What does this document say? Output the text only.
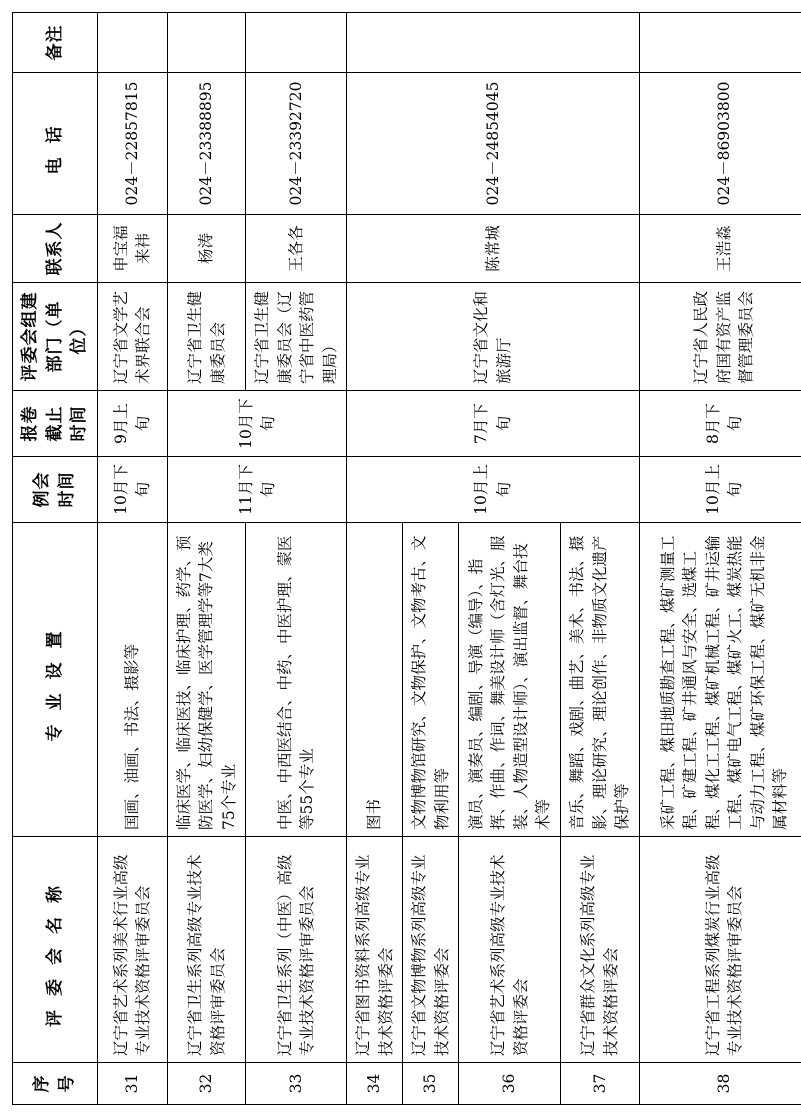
序号	评委会名称	专业设置	例会时间	报卷截止时间	评委会组建部门（单位）	联系人	电话	备注
31	辽宁省艺术系列美术行业高级专业技术资格评审委员会	国画、油画、书法、摄影等	10月下旬	9月上旬	辽宁省文学艺术界联合会	申宝福 来祎	024－22857815	
32	辽宁省卫生系列高级专业技术资格评审委员会	临床医学、临床医技、临床护理、药学、预防医学、妇幼保健学、医学管理学等7大类75个专业	11月下旬	10月下旬	辽宁省卫生健康委员会	杨涛	024－23388895	
33	辽宁省卫生系列（中医）高级专业技术资格评审委员会	中医、中西医结合、中药、中医护理、蒙医等55个专业			辽宁省卫生健康委员会（辽宁省中医药管理局）	王各各	024－23392720	
34	辽宁省图书资料系列高级专业技术资格评委会	图书	10月上旬	7月下旬	辽宁省文化和旅游厅	陈常城	024－24854045	
35	辽宁省文物博物系列高级专业技术资格评委会	文物博物馆研究、文物保护、文物考古、文物利用等						
36	辽宁省艺术系列高级专业技术资格评委会	演员、演奏员、编剧、导演（编导）、指挥、作曲、作词、舞美设计师（含灯光、服装、人物造型设计师）、演出监督、舞台技术等						
37	辽宁省群众文化系列高级专业技术资格评委会	音乐、舞蹈、戏剧、曲艺、美术、书法、摄影、理论研究、理论创作、非物质文化遗产保护等						
38	辽宁省工程系列煤炭行业高级专业技术资格评审委员会	采矿工程、煤田地质勘查工程、煤矿测量工程、矿建工程、矿井通风与安全、选煤工程、煤化工工程、煤矿机械工程、矿井运输工程、煤矿电气工程、煤矿火工、煤炭热能与动力工程、煤矿环保工程、煤矿无机非金属材料等	10月上旬	8月下旬	辽宁省人民政府国有资产监督管理委员会	王浩淼	024－86903800	
